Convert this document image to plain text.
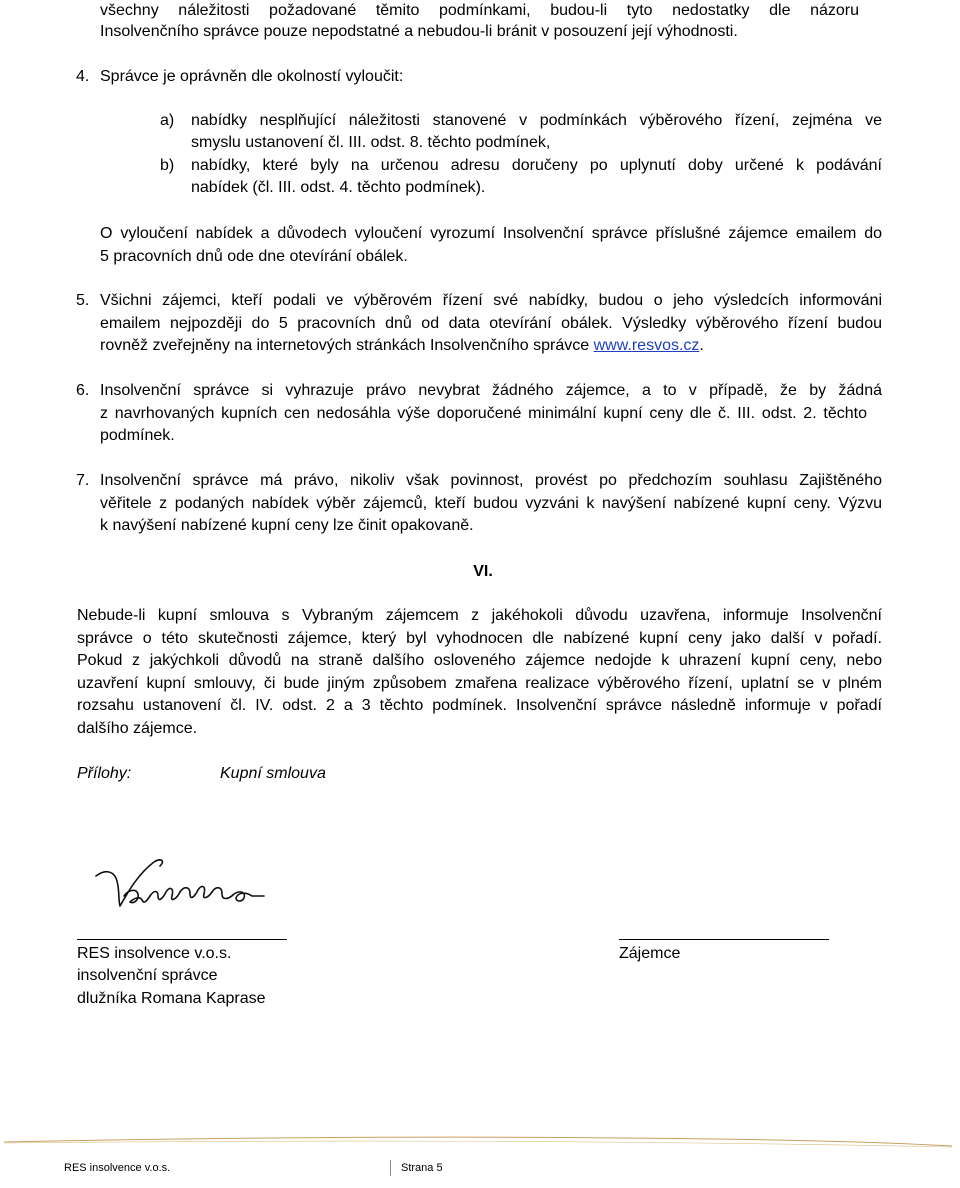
všechny náležitosti požadované těmito podmínkami, budou-li tyto nedostatky dle názoru
Insolvenčního správce pouze nepodstatné a nebudou-li bránit v posouzení její výhodnosti.
4. Správce je oprávněn dle okolností vyloučit:
a) nabídky nesplňující náležitosti stanovené v podmínkách výběrového řízení, zejména ve
smyslu ustanovení čl. III. odst. 8. těchto podmínek,
b) nabídky, které byly na určenou adresu doručeny po uplynutí doby určené k podávání
nabídek (čl. III. odst. 4. těchto podmínek).
O vyloučení nabídek a důvodech vyloučení vyrozumí Insolvenční správce příslušné zájemce emailem do
5 pracovních dnů ode dne otevírání obálek.
5. Všichni zájemci, kteří podali ve výběrovém řízení své nabídky, budou o jeho výsledcích informováni
emailem nejpozději do 5 pracovních dnů od data otevírání obálek. Výsledky výběrového řízení budou
rovněž zveřejněny na internetových stránkách Insolvenčního správce www.resvos.cz.
6. Insolvenční správce si vyhrazuje právo nevybrat žádného zájemce, a to v případě, že by žádná
z navrhovaných kupních cen nedosáhla výše doporučené minimální kupní ceny dle č. III. odst. 2. těchto
podmínek.
7. Insolvenční správce má právo, nikoliv však povinnost, provést po předchozím souhlasu Zajištěného
věřitele z podaných nabídek výběr zájemců, kteří budou vyzváni k navýšení nabízené kupní ceny. Výzvu
k navýšení nabízené kupní ceny lze činit opakovaně.
VI.
Nebude-li kupní smlouva s Vybraným zájemcem z jakéhokoli důvodu uzavřena, informuje Insolvenční
správce o této skutečnosti zájemce, který byl vyhodnocen dle nabízené kupní ceny jako další v pořadí.
Pokud z jakýchkoli důvodů na straně dalšího osloveného zájemce nedojde k uhrazení kupní ceny, nebo
uzavření kupní smlouvy, či bude jiným způsobem zmařena realizace výběrového řízení, uplatní se v plném
rozsahu ustanovení čl. IV. odst. 2 a 3 těchto podmínek. Insolvenční správce následně informuje v pořadí
dalšího zájemce.
Přílohy:	Kupní smlouva
RES insolvence v.o.s.
insolvenční správce
dlužníka Romana Kaprase
Zájemce
RES insolvence v.o.s.	Strana 5
